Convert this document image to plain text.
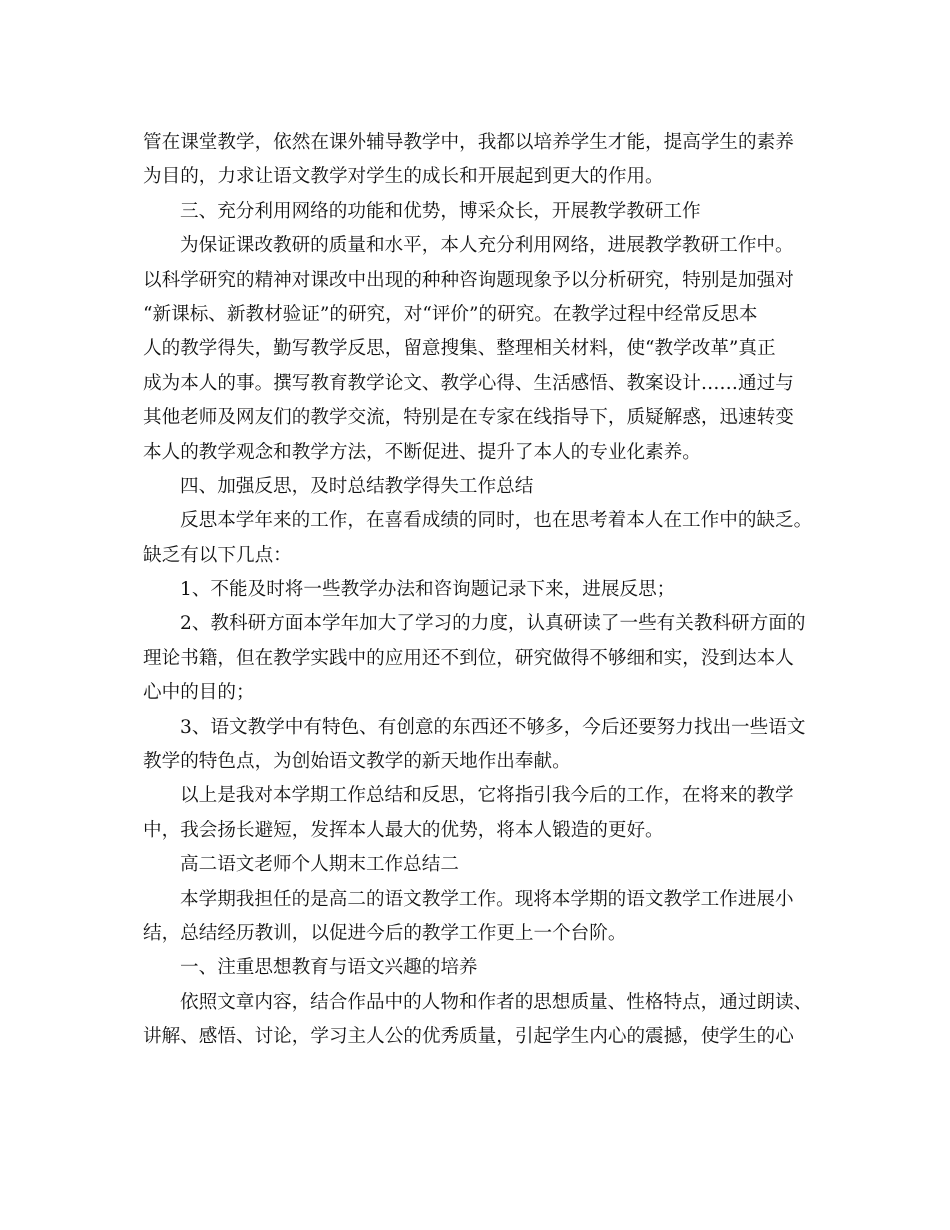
管在课堂教学，依然在课外辅导教学中，我都以培养学生才能，提高学生的素养
为目的，力求让语文教学对学生的成长和开展起到更大的作用。
三、充分利用网络的功能和优势，博采众长，开展教学教研工作
为保证课改教研的质量和水平，本人充分利用网络，进展教学教研工作中。
以科学研究的精神对课改中出现的种种咨询题现象予以分析研究，特别是加强对
“新课标、新教材验证”的研究，对“评价”的研究。在教学过程中经常反思本
人的教学得失，勤写教学反思，留意搜集、整理相关材料，使“教学改革”真正
成为本人的事。撰写教育教学论文、教学心得、生活感悟、教案设计……通过与
其他老师及网友们的教学交流，特别是在专家在线指导下，质疑解惑，迅速转变
本人的教学观念和教学方法，不断促进、提升了本人的专业化素养。
四、加强反思，及时总结教学得失工作总结
反思本学年来的工作，在喜看成绩的同时，也在思考着本人在工作中的缺乏。
缺乏有以下几点：
1、不能及时将一些教学办法和咨询题记录下来，进展反思；
2、教科研方面本学年加大了学习的力度，认真研读了一些有关教科研方面的
理论书籍，但在教学实践中的应用还不到位，研究做得不够细和实，没到达本人
心中的目的；
3、语文教学中有特色、有创意的东西还不够多，今后还要努力找出一些语文
教学的特色点，为创始语文教学的新天地作出奉献。
以上是我对本学期工作总结和反思，它将指引我今后的工作，在将来的教学
中，我会扬长避短，发挥本人最大的优势，将本人锻造的更好。
高二语文老师个人期末工作总结二
本学期我担任的是高二的语文教学工作。现将本学期的语文教学工作进展小
结，总结经历教训，以促进今后的教学工作更上一个台阶。
一、注重思想教育与语文兴趣的培养
依照文章内容，结合作品中的人物和作者的思想质量、性格特点，通过朗读、
讲解、感悟、讨论，学习主人公的优秀质量，引起学生内心的震撼，使学生的心
